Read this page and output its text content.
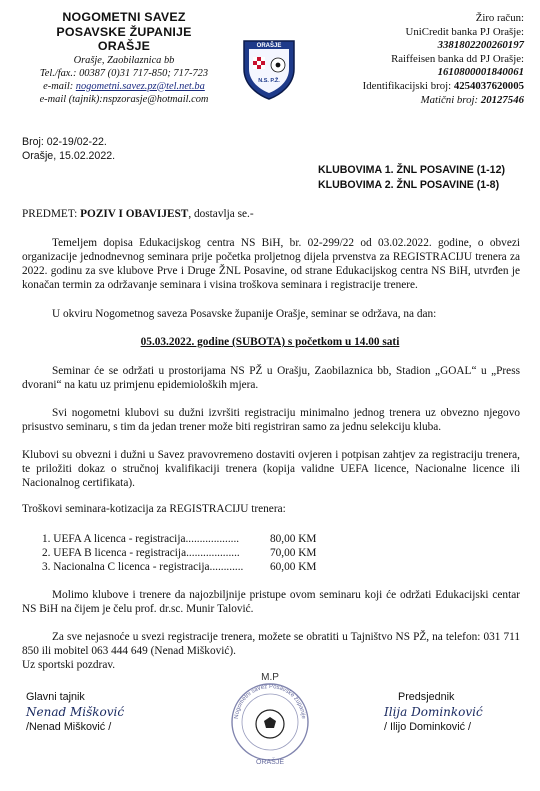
NOGOMETNI SAVEZ
POSAVSKE ŽUPANIJE
ORAŠJE
Orašje, Zaobilaznica bb
Tel./fax.: 00387 (0)31 717-850; 717-723
e-mail: nogometni.savez.pz@tel.net.ba
e-mail (tajnik):nspzorasje@hotmail.com
ORAŠJE
N.S. P.Ž.
Žiro račun:
UniCredit banka PJ Orašje:
3381802200260197
Raiffeisen banka dd PJ Orašje:
1610800001840061
Identifikacijski broj: 4254037620005
Matični broj: 20127546
Broj: 02-19/02-22.
Orašje, 15.02.2022.
KLUBOVIMA 1. ŽNL POSAVINE (1-12)
KLUBOVIMA 2. ŽNL POSAVINE (1-8)
PREDMET: POZIV I OBAVIJEST, dostavlja se.-
Temeljem dopisa Edukacijskog centra NS BiH, br. 02-299/22 od 03.02.2022. godine, o obvezi organizacije jednodnevnog seminara prije početka proljetnog dijela prvenstva za REGISTRACIJU trenera za 2022. godinu za sve klubove Prve i Druge ŽNL Posavine, od strane Edukacijskog centra NS BiH, utvrđen je konačan termin za održavanje seminara i visina troškova seminara i registracije trenere.
U okviru Nogometnog saveza Posavske županije Orašje, seminar se održava, na dan:
05.03.2022. godine (SUBOTA) s početkom u 14.00 sati
Seminar će se održati u prostorijama NS PŽ u Orašju, Zaobilaznica bb, Stadion „GOAL“ u „Press dvorani“ na katu uz primjenu epidemioloških mjera.
Svi nogometni klubovi su dužni izvršiti registraciju minimalno jednog trenera uz obvezno njegovo prisustvo seminaru, s tim da jedan trener može biti registriran samo za jednu selekciju kluba.
Klubovi su obvezni i dužni u Savez pravovremeno dostaviti ovjeren i potpisan zahtjev za registraciju trenera, te priložiti dokaz o stručnoj kvalifikaciji trenera (kopija validne UEFA licence, Nacionalne licence ili Nacionalnog certifikata).
Troškovi seminara-kotizacija za REGISTRACIJU trenera:
1. UEFA A licenca - registracija...................	80,00 KM
2. UEFA B licenca - registracija...................	70,00 KM
3. Nacionalna C licenca - registracija............	60,00 KM
Molimo klubove i trenere da najozbiljnije pristupe ovom seminaru koji će održati Edukacijski centar NS BiH na čijem je čelu prof. dr.sc. Munir Talović.
Za sve nejasnoće u svezi registracije trenera, možete se obratiti u Tajništvo NS PŽ, na telefon: 031 711 850 ili mobitel 063 444 649 (Nenad Mišković).
Uz sportski pozdrav.
Glavni tajnik
Nenad Mišković
/Nenad Mišković /
Nogometni savez Posavske županije
M.P
ORAŠJE
Predsjednik
Ilija Dominković
/ Ilijo Dominković /
